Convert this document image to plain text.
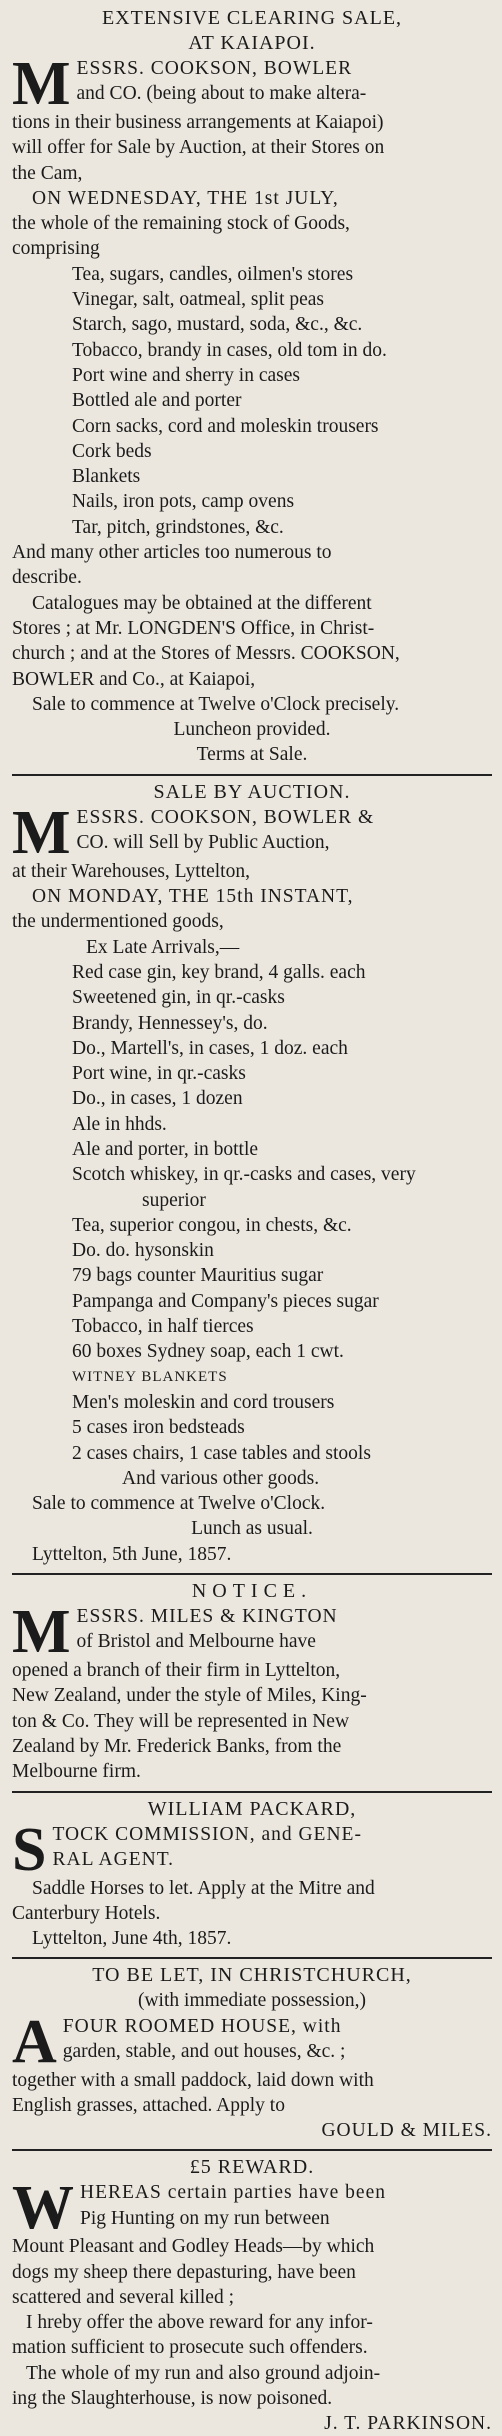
EXTENSIVE CLEARING SALE,
AT KAIAPOI.
M ESSRS. COOKSON, BOWLER
and CO. (being about to make altera-
tions in their business arrangements at Kaiapoi)
will offer for Sale by Auction, at their Stores on
the Cam,
ON WEDNESDAY, THE 1st JULY,
the whole of the remaining stock of Goods,
comprising
Tea, sugars, candles, oilmen's stores
Vinegar, salt, oatmeal, split peas
Starch, sago, mustard, soda, &c., &c.
Tobacco, brandy in cases, old tom in do.
Port wine and sherry in cases
Bottled ale and porter
Corn sacks, cord and moleskin trousers
Cork beds
Blankets
Nails, iron pots, camp ovens
Tar, pitch, grindstones, &c.
And many other articles too numerous to
describe.
Catalogues may be obtained at the different
Stores ; at Mr. LONGDEN'S Office, in Christ-
church ; and at the Stores of Messrs. COOKSON,
BOWLER and Co., at Kaiapoi,
Sale to commence at Twelve o'Clock precisely.
Luncheon provided.
Terms at Sale.
SALE BY AUCTION.
M ESSRS. COOKSON, BOWLER &
CO. will Sell by Public Auction,
at their Warehouses, Lyttelton,
ON MONDAY, THE 15th INSTANT,
the undermentioned goods,
Ex Late Arrivals,—
Red case gin, key brand, 4 galls. each
Sweetened gin, in qr.-casks
Brandy, Hennessey's, do.
Do., Martell's, in cases, 1 doz. each
Port wine, in qr.-casks
Do., in cases, 1 dozen
Ale in hhds.
Ale and porter, in bottle
Scotch whiskey, in qr.-casks and cases, very
superior
Tea, superior congou, in chests, &c.
Do. do. hysonskin
79 bags counter Mauritius sugar
Pampanga and Company's pieces sugar
Tobacco, in half tierces
60 boxes Sydney soap, each 1 cwt.
WITNEY BLANKETS
Men's moleskin and cord trousers
5 cases iron bedsteads
2 cases chairs, 1 case tables and stools
And various other goods.
Sale to commence at Twelve o'Clock.
Lunch as usual.
Lyttelton, 5th June, 1857.
NOTICE.
M ESSRS. MILES & KINGTON
of Bristol and Melbourne have
opened a branch of their firm in Lyttelton,
New Zealand, under the style of Miles, King-
ton & Co. They will be represented in New
Zealand by Mr. Frederick Banks, from the
Melbourne firm.
WILLIAM PACKARD,
S TOCK COMMISSION, and GENE-
RAL AGENT.
Saddle Horses to let. Apply at the Mitre and
Canterbury Hotels.
Lyttelton, June 4th, 1857.
TO BE LET, IN CHRISTCHURCH,
(with immediate possession,)
A FOUR ROOMED HOUSE, with
garden, stable, and out houses, &c. ;
together with a small paddock, laid down with
English grasses, attached. Apply to
GOULD & MILES.
£5 REWARD.
W HEREAS certain parties have been
Pig Hunting on my run between
Mount Pleasant and Godley Heads—by which
dogs my sheep there depasturing, have been
scattered and several killed ;
I hreby offer the above reward for any infor-
mation sufficient to prosecute such offenders.
The whole of my run and also ground adjoin-
ing the Slaughterhouse, is now poisoned.
J. T. PARKINSON.
